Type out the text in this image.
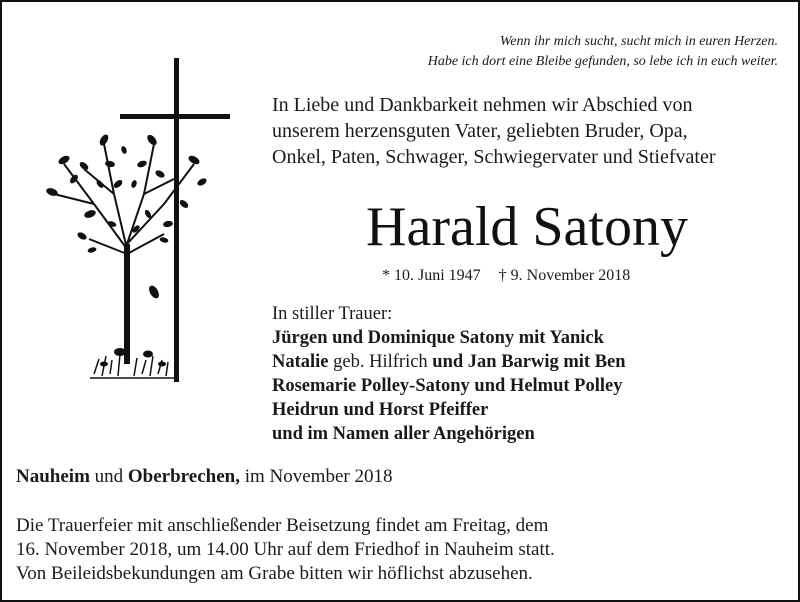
Wenn ihr mich sucht, sucht mich in euren Herzen.
Habe ich dort eine Bleibe gefunden, so lebe ich in euch weiter.
In Liebe und Dankbarkeit nehmen wir Abschied von
unserem herzensguten Vater, geliebten Bruder, Opa,
Onkel, Paten, Schwager, Schwiegervater und Stiefvater
Harald Satony
* 10. Juni 1947 † 9. November 2018
In stiller Trauer:
Jürgen und Dominique Satony mit Yanick
Natalie geb. Hilfrich und Jan Barwig mit Ben
Rosemarie Polley-Satony und Helmut Polley
Heidrun und Horst Pfeiffer
und im Namen aller Angehörigen
Nauheim und Oberbrechen, im November 2018
Die Trauerfeier mit anschließender Beisetzung findet am Freitag, dem
16. November 2018, um 14.00 Uhr auf dem Friedhof in Nauheim statt.
Von Beileidsbekundungen am Grabe bitten wir höflichst abzusehen.
